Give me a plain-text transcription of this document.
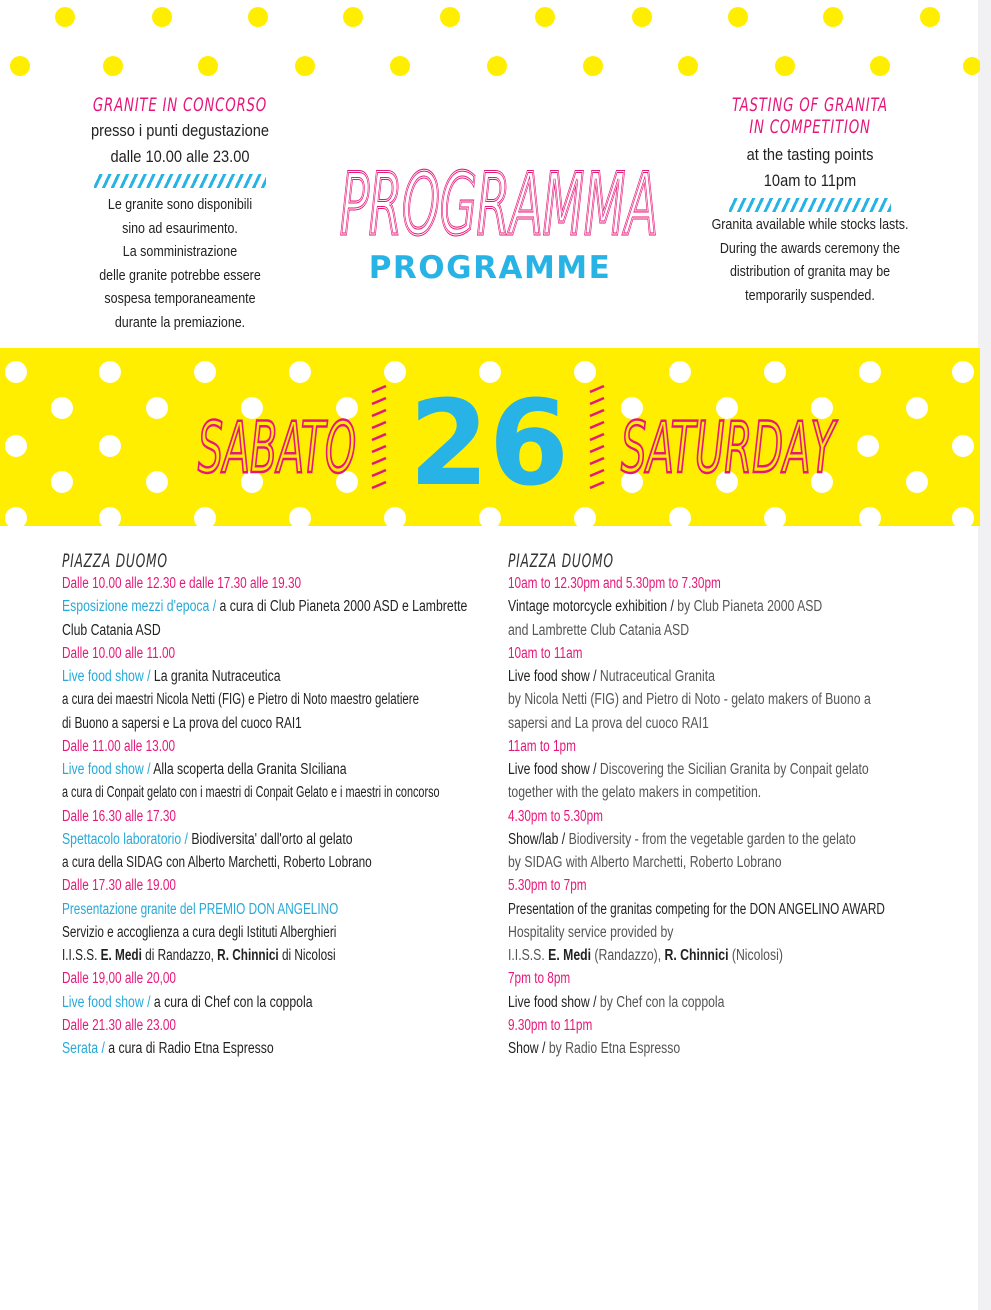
GRANITE IN CONCORSO
presso i punti degustazione
dalle 10.00 alle 23.00
Le granite sono disponibili
sino ad esaurimento.
La somministrazione
delle granite potrebbe essere
sospesa temporaneamente
durante la premiazione.
PROGRAMMA
PROGRAMMA
PROGRAMME
TASTING OF GRANITA
IN COMPETITION
at the tasting points
10am to 11pm
Granita available while stocks lasts.
During the awards ceremony the
distribution of granita may be
temporarily suspended.
SABATO 26 SATURDAY
PIAZZA DUOMO
Dalle 10.00 alle 12.30 e dalle 17.30 alle 19.30
Esposizione mezzi d'epoca / a cura di Club Pianeta 2000 ASD e Lambrette
Club Catania ASD
Dalle 10.00 alle 11.00
Live food show / La granita Nutraceutica
a cura dei maestri Nicola Netti (FIG) e Pietro di Noto maestro gelatiere
di Buono a sapersi e La prova del cuoco RAI1
Dalle 11.00 alle 13.00
Live food show / Alla scoperta della Granita SIciliana
a cura di Conpait gelato con i maestri di Conpait Gelato e i maestri in concorso
Dalle 16.30 alle 17.30
Spettacolo laboratorio / Biodiversita' dall'orto al gelato
a cura della SIDAG con Alberto Marchetti, Roberto Lobrano
Dalle 17.30 alle 19.00
Presentazione granite del PREMIO DON ANGELINO
Servizio e accoglienza a cura degli Istituti Alberghieri
I.I.S.S. E. Medi di Randazzo, R. Chinnici di Nicolosi
Dalle 19,00 alle 20,00
Live food show / a cura di Chef con la coppola
Dalle 21.30 alle 23.00
Serata / a cura di Radio Etna Espresso
PIAZZA DUOMO
10am to 12.30pm and 5.30pm to 7.30pm
Vintage motorcycle exhibition / by Club Pianeta 2000 ASD
and Lambrette Club Catania ASD
10am to 11am
Live food show / Nutraceutical Granita
by Nicola Netti (FIG) and Pietro di Noto - gelato makers of Buono a
sapersi and La prova del cuoco RAI1
11am to 1pm
Live food show / Discovering the Sicilian Granita by Conpait gelato
together with the gelato makers in competition.
4.30pm to 5.30pm
Show/lab / Biodiversity - from the vegetable garden to the gelato
by SIDAG with Alberto Marchetti, Roberto Lobrano
5.30pm to 7pm
Presentation of the granitas competing for the DON ANGELINO AWARD
Hospitality service provided by
I.I.S.S. E. Medi (Randazzo), R. Chinnici (Nicolosi)
7pm to 8pm
Live food show / by Chef con la coppola
9.30pm to 11pm
Show / by Radio Etna Espresso
